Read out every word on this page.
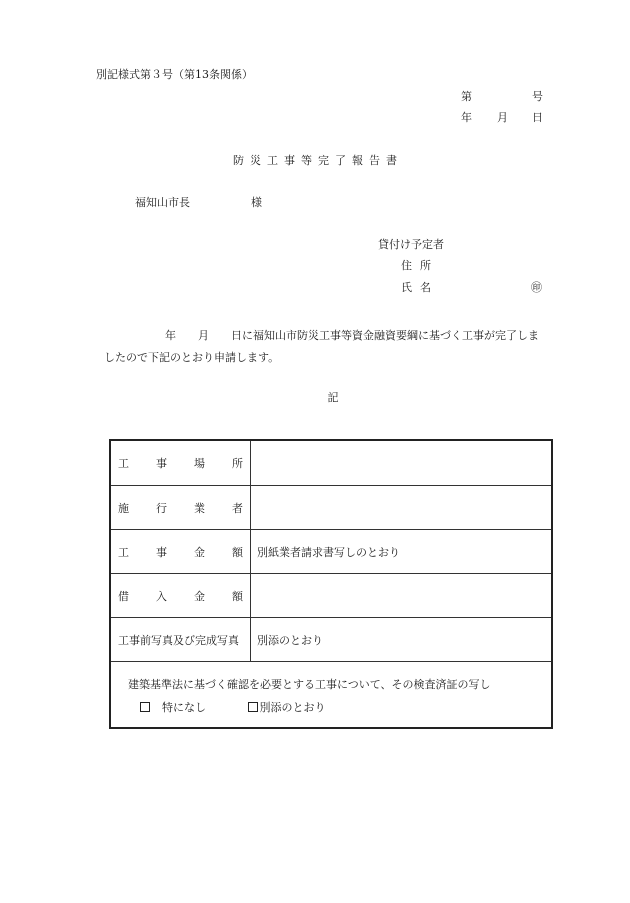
別記様式第３号（第13条関係）
第	号
年 月 日
防災工事等完了報告書
福知山市長	様
貸付け予定者
住所
氏名	㊞
　　　　　年　　月　　日に福知山市防災工事等資金融資要綱に基づく工事が完了しま
したので下記のとおり申請します。
記
工 事 場 所
施 行 業 者
工 事 金 額 別紙業者請求書写しのとおり
借 入 金 額
工事前写真及び完成写真 別添のとおり
建築基準法に基づく確認を必要とする工事について、その検査済証の写し
特になし	別添のとおり
